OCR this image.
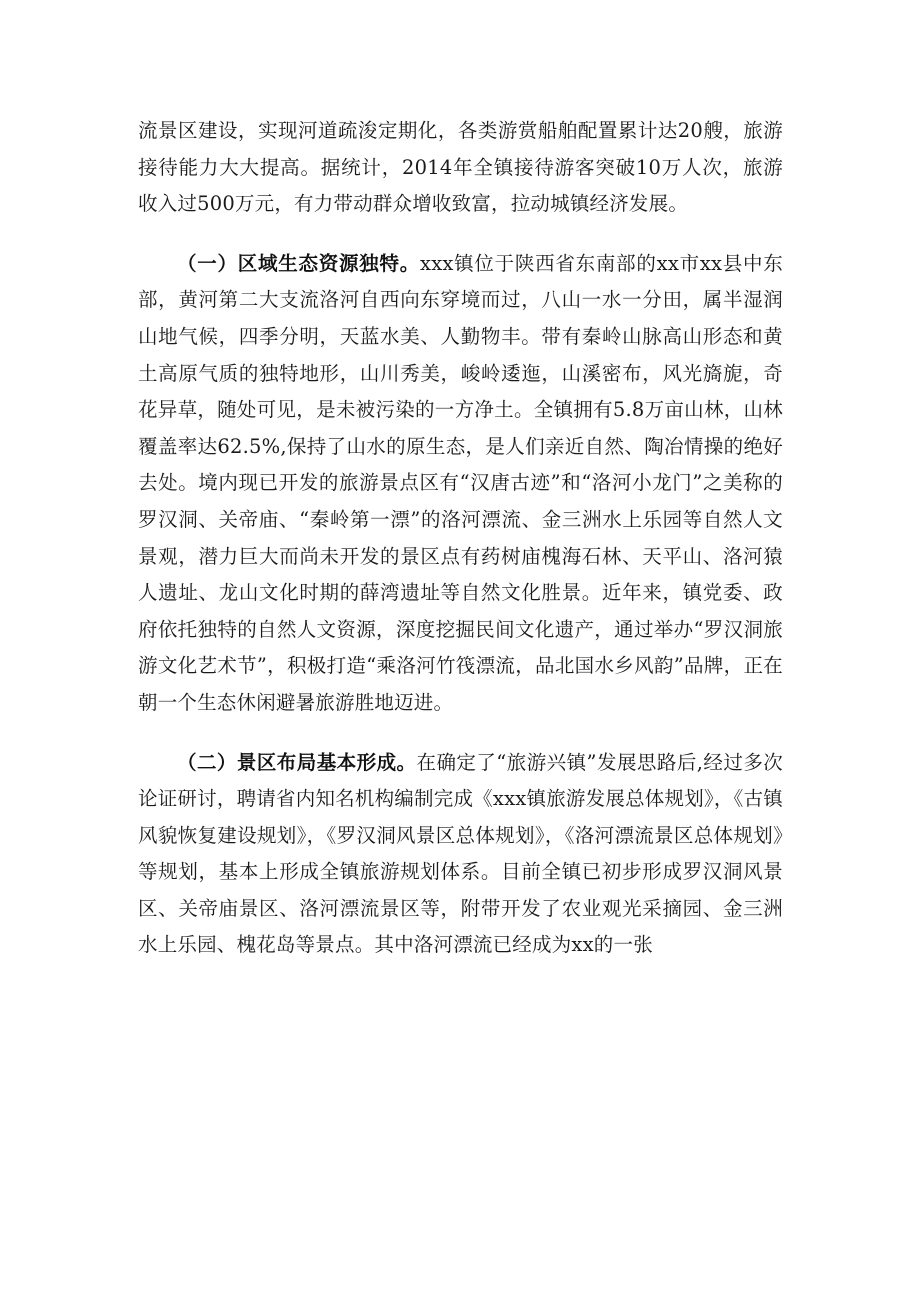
流景区建设，实现河道疏浚定期化，各类游赏船舶配置累计达20艘，旅游接待能力大大提高。据统计，2014年全镇接待游客突破10万人次，旅游收入过500万元，有力带动群众增收致富，拉动城镇经济发展。

（一）区域生态资源独特。xxx镇位于陕西省东南部的xx市xx县中东部，黄河第二大支流洛河自西向东穿境而过，八山一水一分田，属半湿润山地气候，四季分明，天蓝水美、人勤物丰。带有秦岭山脉高山形态和黄土高原气质的独特地形，山川秀美，峻岭逶迤，山溪密布，风光旖旎，奇花异草，随处可见，是未被污染的一方净土。全镇拥有5.8万亩山林，山林覆盖率达62.5%,保持了山水的原生态，是人们亲近自然、陶冶情操的绝好去处。境内现已开发的旅游景点区有“汉唐古迹”和“洛河小龙门”之美称的罗汉洞、关帝庙、“秦岭第一漂”的洛河漂流、金三洲水上乐园等自然人文景观，潜力巨大而尚未开发的景区点有药树庙槐海石林、天平山、洛河猿人遗址、龙山文化时期的薛湾遗址等自然文化胜景。近年来，镇党委、政府依托独特的自然人文资源，深度挖掘民间文化遗产，通过举办“罗汉洞旅游文化艺术节”，积极打造“乘洛河竹筏漂流，品北国水乡风韵”品牌，正在朝一个生态休闲避暑旅游胜地迈进。

（二）景区布局基本形成。在确定了“旅游兴镇”发展思路后,经过多次论证研讨，聘请省内知名机构编制完成《xxx镇旅游发展总体规划》，《古镇风貌恢复建设规划》，《罗汉洞风景区总体规划》，《洛河漂流景区总体规划》等规划，基本上形成全镇旅游规划体系。目前全镇已初步形成罗汉洞风景区、关帝庙景区、洛河漂流景区等，附带开发了农业观光采摘园、金三洲水上乐园、槐花岛等景点。其中洛河漂流已经成为xx的一张
